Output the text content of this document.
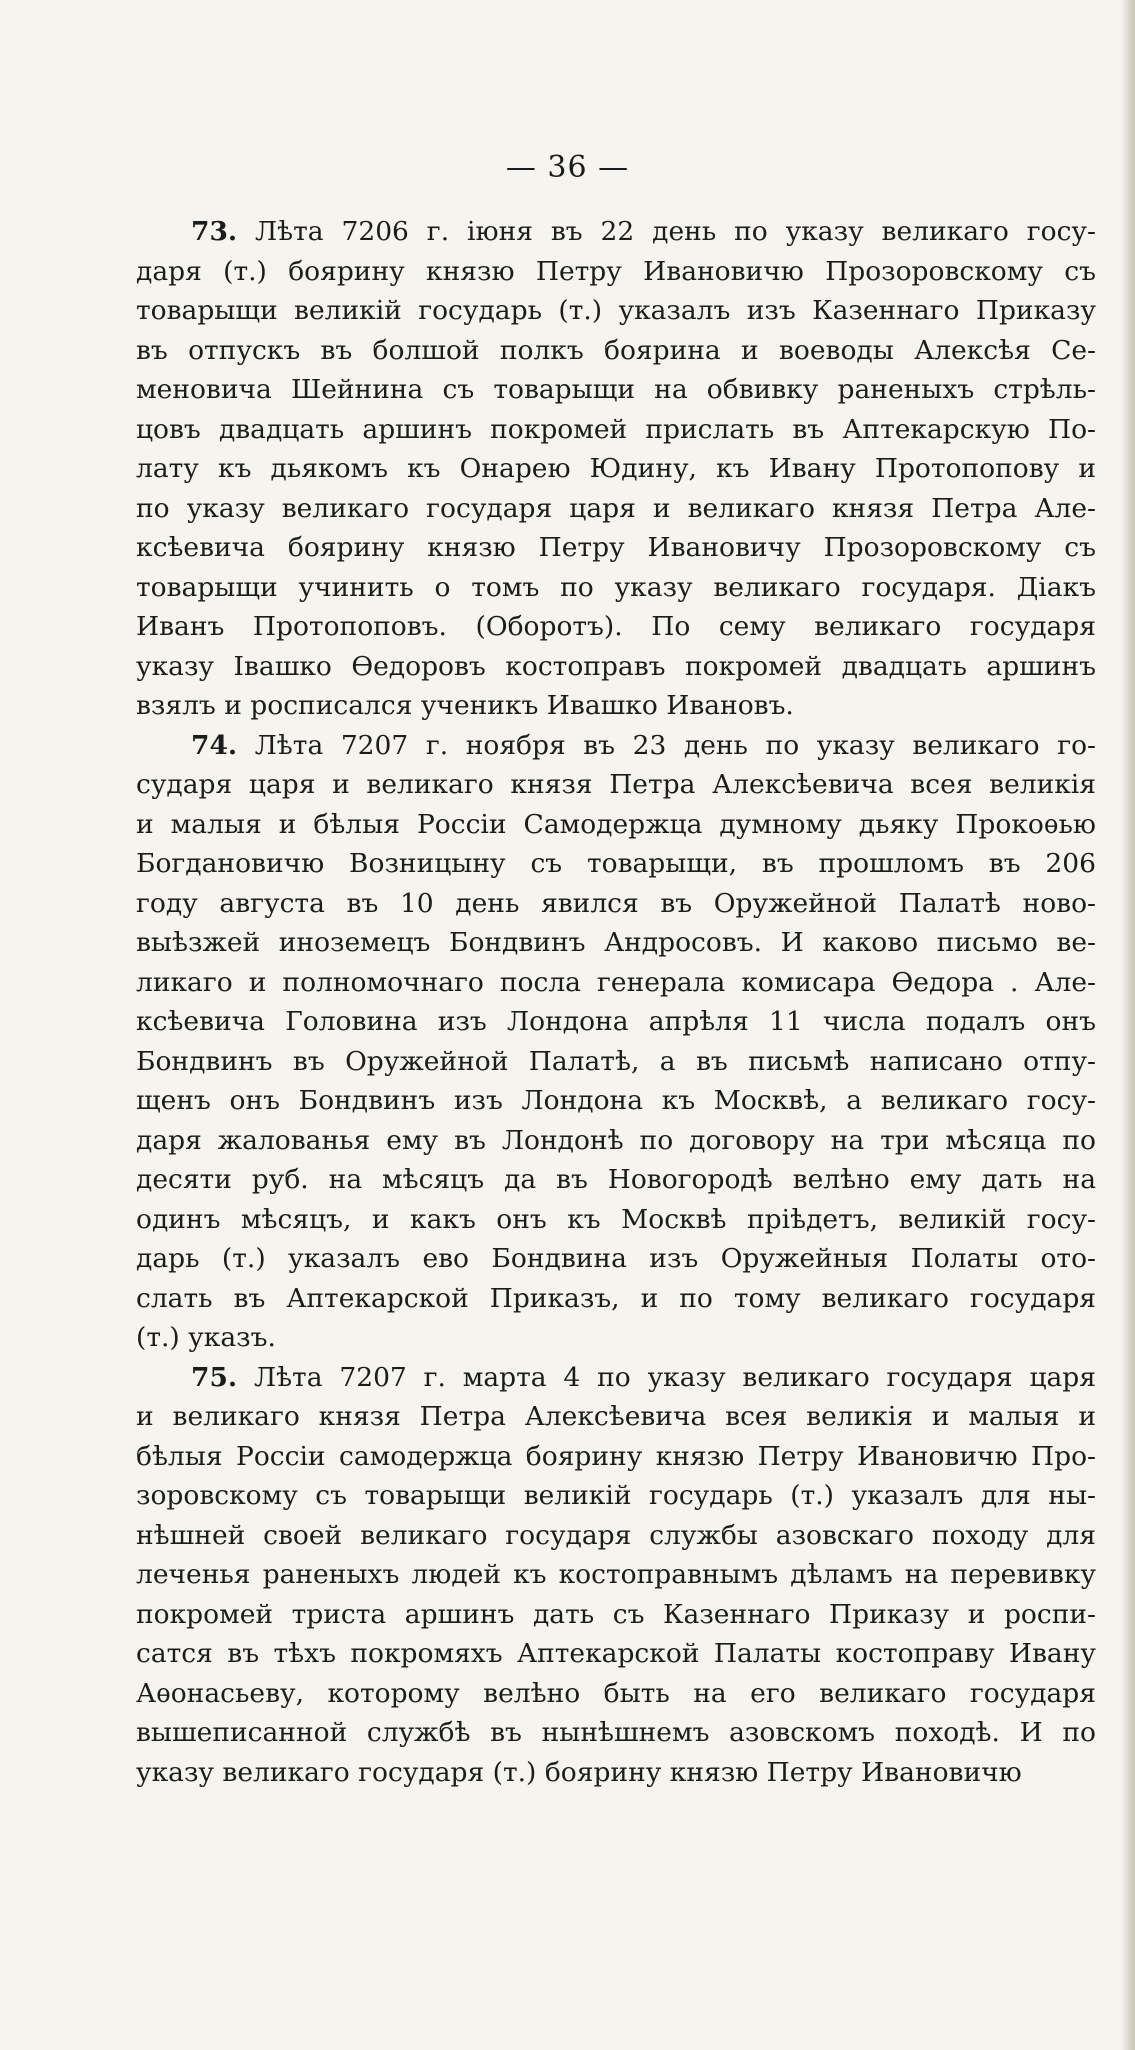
— 36 —
73. Лѣта 7206 г. іюня въ 22 день по указу великаго госу-
даря (т.) боярину князю Петру Ивановичю Прозоровскому съ
товарыщи великій государь (т.) указалъ изъ Казеннаго Приказу
въ отпускъ въ болшой полкъ боярина и воеводы Алексѣя Се-
меновича Шейнина съ товарыщи на обвивку раненыхъ стрѣль-
цовъ двадцать аршинъ покромей прислать въ Аптекарскую По-
лату къ дьякомъ къ Онарею Юдину, къ Ивану Протопопову и
по указу великаго государя царя и великаго князя Петра Але-
ксѣевича боярину князю Петру Ивановичу Прозоровскому съ
товарыщи учинить о томъ по указу великаго государя. Діакъ
Иванъ Протопоповъ. (Оборотъ). По сему великаго государя
указу Івашко Ѳедоровъ костоправъ покромей двадцать аршинъ
взялъ и росписался ученикъ Ивашко Ивановъ.
74. Лѣта 7207 г. ноября въ 23 день по указу великаго го-
сударя царя и великаго князя Петра Алексѣевича всея великія
и малыя и бѣлыя Россіи Самодержца думному дьяку Прокоѳью
Богдановичю Возницыну съ товарыщи, въ прошломъ въ 206
году августа въ 10 день явился въ Оружейной Палатѣ ново-
выѣзжей иноземецъ Бондвинъ Андросовъ. И каково письмо ве-
ликаго и полномочнаго посла генерала комисара Ѳедора . Але-
ксѣевича Головина изъ Лондона апрѣля 11 числа подалъ онъ
Бондвинъ въ Оружейной Палатѣ, а въ письмѣ написано отпу-
щенъ онъ Бондвинъ изъ Лондона къ Москвѣ, а великаго госу-
даря жалованья ему въ Лондонѣ по договору на три мѣсяца по
десяти руб. на мѣсяцъ да въ Новогородѣ велѣно ему дать на
одинъ мѣсяцъ, и какъ онъ къ Москвѣ пріѣдетъ, великій госу-
дарь (т.) указалъ ево Бондвина изъ Оружейныя Полаты ото-
слать въ Аптекарской Приказъ, и по тому великаго государя
(т.) указъ.
75. Лѣта 7207 г. марта 4 по указу великаго государя царя
и великаго князя Петра Алексѣевича всея великія и малыя и
бѣлыя Россіи самодержца боярину князю Петру Ивановичю Про-
зоровскому съ товарыщи великій государь (т.) указалъ для ны-
нѣшней своей великаго государя службы азовскаго походу для
леченья раненыхъ людей къ костоправнымъ дѣламъ на перевивку
покромей триста аршинъ дать съ Казеннаго Приказу и роспи-
сатся въ тѣхъ покромяхъ Аптекарской Палаты костоправу Ивану
Аѳонасьеву, которому велѣно быть на его великаго государя
вышеписанной службѣ въ нынѣшнемъ азовскомъ походѣ. И по
указу великаго государя (т.) боярину князю Петру Ивановичю
